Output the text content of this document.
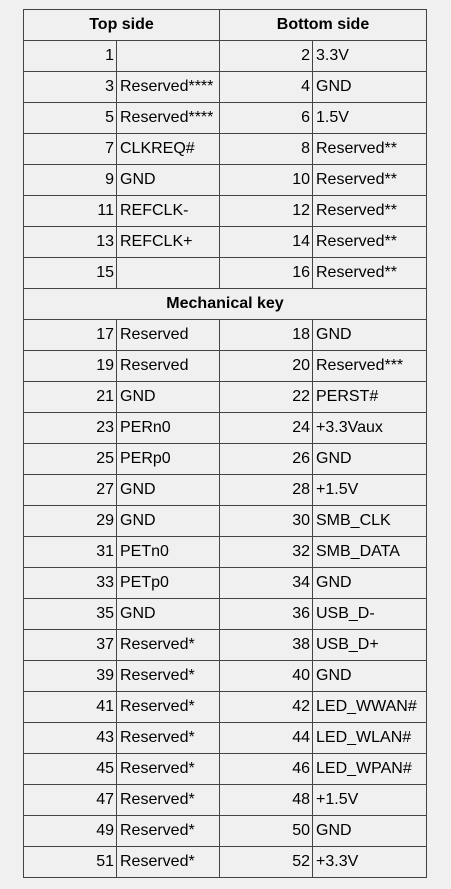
Top side		Bottom side	
1		2	3.3V
3	Reserved****	4	GND
5	Reserved****	6	1.5V
7	CLKREQ#	8	Reserved**
9	GND	10	Reserved**
11	REFCLK-	12	Reserved**
13	REFCLK+	14	Reserved**
15		16	Reserved**
Mechanical key			
17	Reserved	18	GND
19	Reserved	20	Reserved***
21	GND	22	PERST#
23	PERn0	24	+3.3Vaux
25	PERp0	26	GND
27	GND	28	+1.5V
29	GND	30	SMB_CLK
31	PETn0	32	SMB_DATA
33	PETp0	34	GND
35	GND	36	USB_D-
37	Reserved*	38	USB_D+
39	Reserved*	40	GND
41	Reserved*	42	LED_WWAN#
43	Reserved*	44	LED_WLAN#
45	Reserved*	46	LED_WPAN#
47	Reserved*	48	+1.5V
49	Reserved*	50	GND
51	Reserved*	52	+3.3V
